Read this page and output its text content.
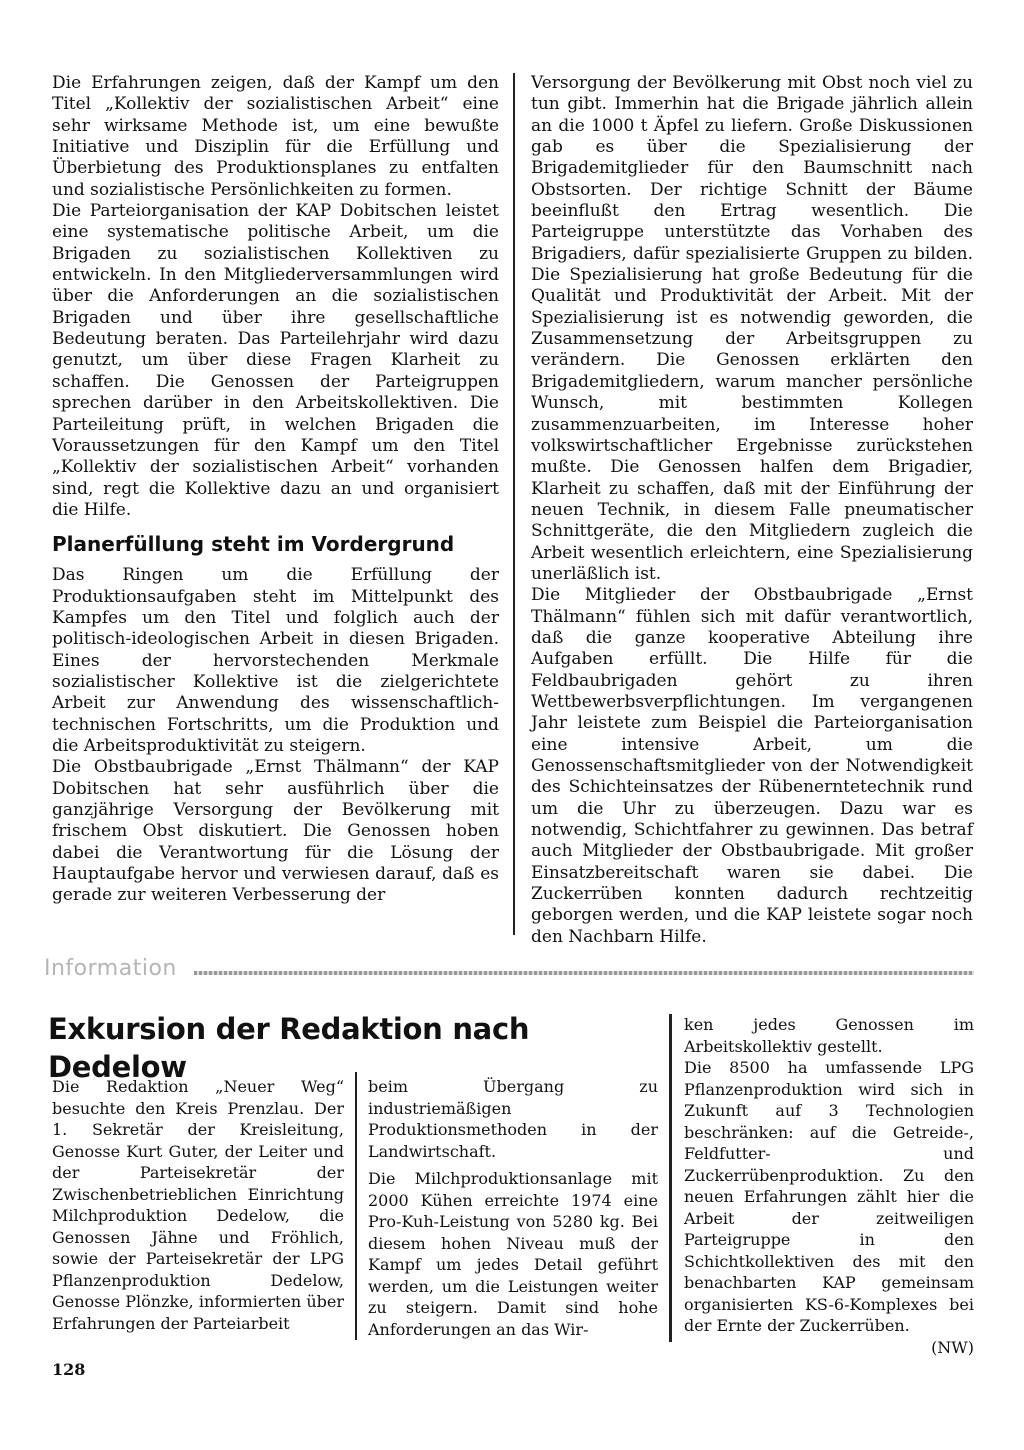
Die Erfahrungen zeigen, daß der Kampf um den Titel „Kollektiv der sozialistischen Arbeit“ eine sehr wirksame Methode ist, um eine bewußte Initiative und Disziplin für die Erfüllung und Überbietung des Produktionsplanes zu entfalten und sozialistische Persönlichkeiten zu formen.

Die Parteiorganisation der KAP Dobitschen leistet eine systematische politische Arbeit, um die Brigaden zu sozialistischen Kollektiven zu entwickeln. In den Mitgliederversammlungen wird über die Anforderungen an die sozialistischen Brigaden und über ihre gesellschaftliche Bedeutung beraten. Das Parteilehrjahr wird dazu genutzt, um über diese Fragen Klarheit zu schaffen. Die Genossen der Parteigruppen sprechen darüber in den Arbeitskollektiven. Die Parteileitung prüft, in welchen Brigaden die Voraussetzungen für den Kampf um den Titel „Kollektiv der sozialistischen Arbeit“ vorhanden sind, regt die Kollektive dazu an und organisiert die Hilfe.

Planerfüllung steht im Vordergrund

Das Ringen um die Erfüllung der Produktionsaufgaben steht im Mittelpunkt des Kampfes um den Titel und folglich auch der politisch-ideologischen Arbeit in diesen Brigaden. Eines der hervorstechenden Merkmale sozialistischer Kollektive ist die zielgerichtete Arbeit zur Anwendung des wissenschaftlich-technischen Fortschritts, um die Produktion und die Arbeitsproduktivität zu steigern.

Die Obstbaubrigade „Ernst Thälmann“ der KAP Dobitschen hat sehr ausführlich über die ganzjährige Versorgung der Bevölkerung mit frischem Obst diskutiert. Die Genossen hoben dabei die Verantwortung für die Lösung der Hauptaufgabe hervor und verwiesen darauf, daß es gerade zur weiteren Verbesserung der

Versorgung der Bevölkerung mit Obst noch viel zu tun gibt. Immerhin hat die Brigade jährlich allein an die 1000 t Äpfel zu liefern. Große Diskussionen gab es über die Spezialisierung der Brigademitglieder für den Baumschnitt nach Obstsorten. Der richtige Schnitt der Bäume beeinflußt den Ertrag wesentlich. Die Parteigruppe unterstützte das Vorhaben des Brigadiers, dafür spezialisierte Gruppen zu bilden. Die Spezialisierung hat große Bedeutung für die Qualität und Produktivität der Arbeit. Mit der Spezialisierung ist es notwendig geworden, die Zusammensetzung der Arbeitsgruppen zu verändern. Die Genossen erklärten den Brigademitgliedern, warum mancher persönliche Wunsch, mit bestimmten Kollegen zusammenzuarbeiten, im Interesse hoher volkswirtschaftlicher Ergebnisse zurückstehen mußte. Die Genossen halfen dem Brigadier, Klarheit zu schaffen, daß mit der Einführung der neuen Technik, in diesem Falle pneumatischer Schnittgeräte, die den Mitgliedern zugleich die Arbeit wesentlich erleichtern, eine Spezialisierung unerläßlich ist.

Die Mitglieder der Obstbaubrigade „Ernst Thälmann“ fühlen sich mit dafür verantwortlich, daß die ganze kooperative Abteilung ihre Aufgaben erfüllt. Die Hilfe für die Feldbaubrigaden gehört zu ihren Wettbewerbsverpflichtungen. Im vergangenen Jahr leistete zum Beispiel die Parteiorganisation eine intensive Arbeit, um die Genossenschaftsmitglieder von der Notwendigkeit des Schichteinsatzes der Rübenerntetechnik rund um die Uhr zu überzeugen. Dazu war es notwendig, Schichtfahrer zu gewinnen. Das betraf auch Mitglieder der Obstbaubrigade. Mit großer Einsatzbereitschaft waren sie dabei. Die Zuckerrüben konnten dadurch rechtzeitig geborgen werden, und die KAP leistete sogar noch den Nachbarn Hilfe.

Information
Exkursion der Redaktion nach Dedelow

Die Redaktion „Neuer Weg“ besuchte den Kreis Prenzlau. Der 1. Sekretär der Kreisleitung, Genosse Kurt Guter, der Leiter und der Parteisekretär der Zwischenbetrieblichen Einrichtung Milchproduktion Dedelow, die Genossen Jähne und Fröhlich, sowie der Parteisekretär der LPG Pflanzenproduktion Dedelow, Genosse Plönzke, informierten über Erfahrungen der Parteiarbeit

beim Übergang zu industriemäßigen Produktionsmethoden in der Landwirtschaft.

Die Milchproduktionsanlage mit 2000 Kühen erreichte 1974 eine Pro-Kuh-Leistung von 5280 kg. Bei diesem hohen Niveau muß der Kampf um jedes Detail geführt werden, um die Leistungen weiter zu steigern. Damit sind hohe Anforderungen an das Wir-

ken jedes Genossen im Arbeitskollektiv gestellt.

Die 8500 ha umfassende LPG Pflanzenproduktion wird sich in Zukunft auf 3 Technologien beschränken: auf die Getreide-, Feldfutter- und Zuckerrübenproduktion. Zu den neuen Erfahrungen zählt hier die Arbeit der zeitweiligen Parteigruppe in den Schichtkollektiven des mit den benachbarten KAP gemeinsam organisierten KS-6-Komplexes bei der Ernte der Zuckerrüben.

(NW)

128
